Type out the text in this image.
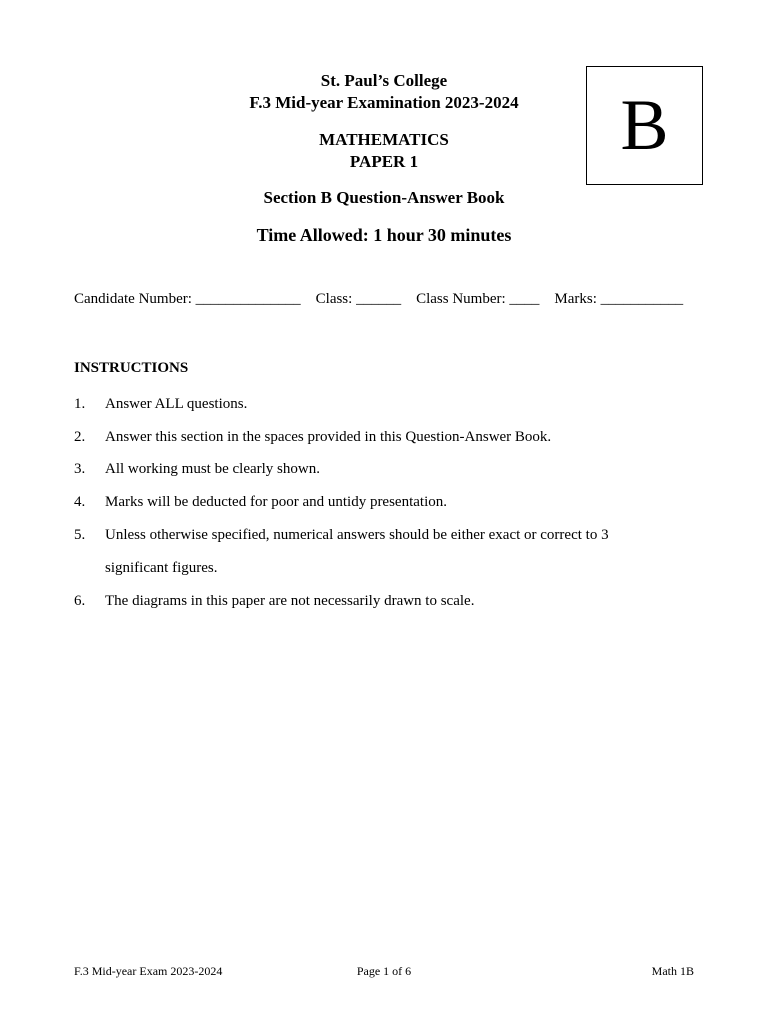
St. Paul’s College
F.3 Mid-year Examination 2023-2024
MATHEMATICS
PAPER 1
Section B Question-Answer Book
Time Allowed: 1 hour 30 minutes
B
Candidate Number: ______________ Class: ______ Class Number: ____ Marks: ___________
INSTRUCTIONS
1. Answer ALL questions.
2. Answer this section in the spaces provided in this Question-Answer Book.
3. All working must be clearly shown.
4. Marks will be deducted for poor and untidy presentation.
5. Unless otherwise specified, numerical answers should be either exact or correct to 3
significant figures.
6. The diagrams in this paper are not necessarily drawn to scale.
F.3 Mid-year Exam 2023-2024	Page 1 of 6	Math 1B
